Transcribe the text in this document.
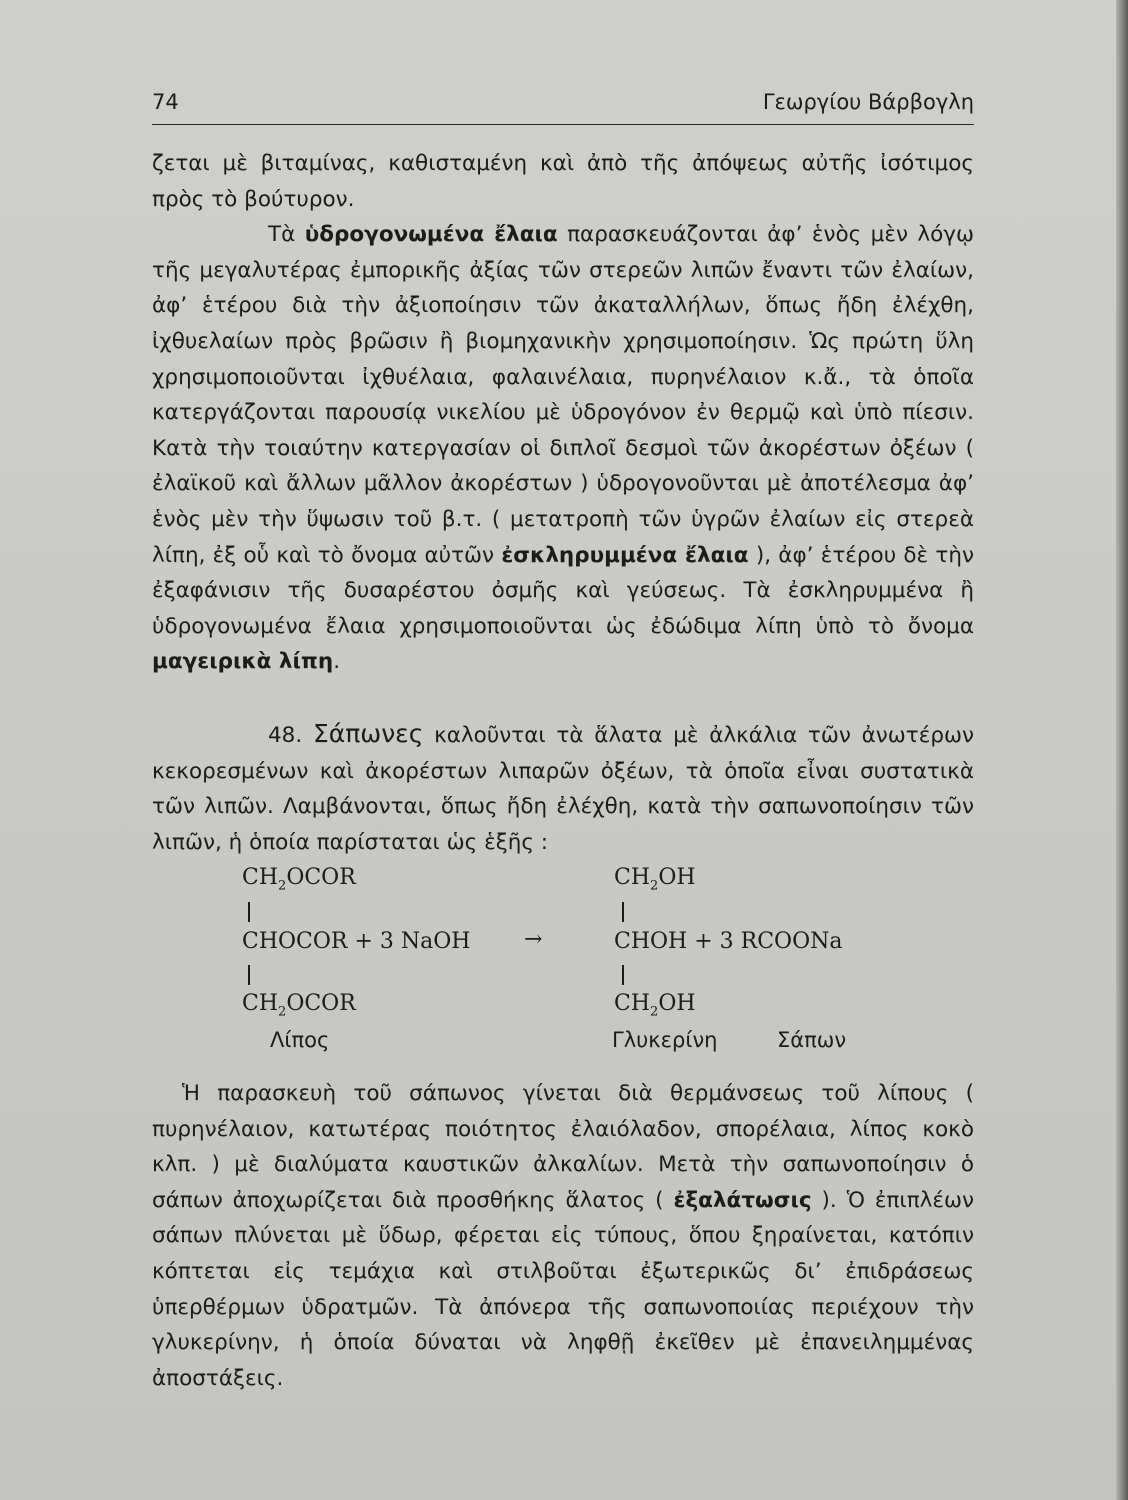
74	Γεωργίου Βάρβογλη

ζεται μὲ βιταμίνας, καθισταμένη καὶ ἀπὸ τῆς ἀπόψεως αὐτῆς ἰσότιμος πρὸς τὸ βούτυρον.

Τὰ ὑδρογονωμένα ἔλαια παρασκευάζονται ἀφ’ ἑνὸς μὲν λόγῳ τῆς μεγαλυτέρας ἐμπορικῆς ἀξίας τῶν στερεῶν λιπῶν ἔναντι τῶν ἐλαίων, ἀφ’ ἑτέρου διὰ τὴν ἀξιοποίησιν τῶν ἀκαταλλήλων, ὅπως ἤδη ἐλέχθη, ἰχθυελαίων πρὸς βρῶσιν ἢ βιομηχανικὴν χρησιμοποίησιν. Ὡς πρώτη ὕλη χρησιμοποιοῦνται ἰχθυέλαια, φαλαινέλαια, πυρηνέλαιον κ.ἄ., τὰ ὁποῖα κατεργάζονται παρουσίᾳ νικελίου μὲ ὑδρογόνον ἐν θερμῷ καὶ ὑπὸ πίεσιν. Κατὰ τὴν τοιαύτην κατεργασίαν οἱ διπλοῖ δεσμοὶ τῶν ἀκορέστων ὀξέων ( ἐλαϊκοῦ καὶ ἄλλων μᾶλλον ἀκορέστων ) ὑδρογονοῦνται μὲ ἀποτέλεσμα ἀφ’ ἑνὸς μὲν τὴν ὕψωσιν τοῦ β.τ. ( μετατροπὴ τῶν ὑγρῶν ἐλαίων εἰς στερεὰ λίπη, ἐξ οὗ καὶ τὸ ὄνομα αὐτῶν ἐσκληρυμμένα ἔλαια ), ἀφ’ ἑτέρου δὲ τὴν ἐξαφάνισιν τῆς δυσαρέστου ὀσμῆς καὶ γεύσεως. Τὰ ἐσκληρυμμένα ἢ ὑδρογονωμένα ἔλαια χρησιμοποιοῦνται ὡς ἐδώδιμα λίπη ὑπὸ τὸ ὄνομα μαγειρικὰ λίπη.

48. Σάπωνες καλοῦνται τὰ ἅλατα μὲ ἀλκάλια τῶν ἀνωτέρων κεκορεσμένων καὶ ἀκορέστων λιπαρῶν ὀξέων, τὰ ὁποῖα εἶναι συστατικὰ τῶν λιπῶν. Λαμβάνονται, ὅπως ἤδη ἐλέχθη, κατὰ τὴν σαπωνοποίησιν τῶν λιπῶν, ἡ ὁποία παρίσταται ὡς ἑξῆς :

$CH_2OCOR$
CHOCOR + 3 NaOH →
$CH_2OCOR$
Λίπος
$CH_2OH$
CHOH + 3 RCOONa
$CH_2OH$
Γλυκερίνη	Σάπων

Ἡ παρασκευὴ τοῦ σάπωνος γίνεται διὰ θερμάνσεως τοῦ λίπους ( πυρηνέλαιον, κατωτέρας ποιότητος ἐλαιόλαδον, σπορέλαια, λίπος κοκὸ κλπ. ) μὲ διαλύματα καυστικῶν ἀλκαλίων. Μετὰ τὴν σαπωνοποίησιν ὁ σάπων ἀποχωρίζεται διὰ προσθήκης ἅλατος ( ἐξαλάτωσις ). Ὁ ἐπιπλέων σάπων πλύνεται μὲ ὕδωρ, φέρεται εἰς τύπους, ὅπου ξηραίνεται, κατόπιν κόπτεται εἰς τεμάχια καὶ στιλβοῦται ἐξωτερικῶς δι’ ἐπιδράσεως ὑπερθέρμων ὑδρατμῶν. Τὰ ἀπόνερα τῆς σαπωνοποιίας περιέχουν τὴν γλυκερίνην, ἡ ὁποία δύναται νὰ ληφθῇ ἐκεῖθεν μὲ ἐπανειλημμένας ἀποστάξεις.
